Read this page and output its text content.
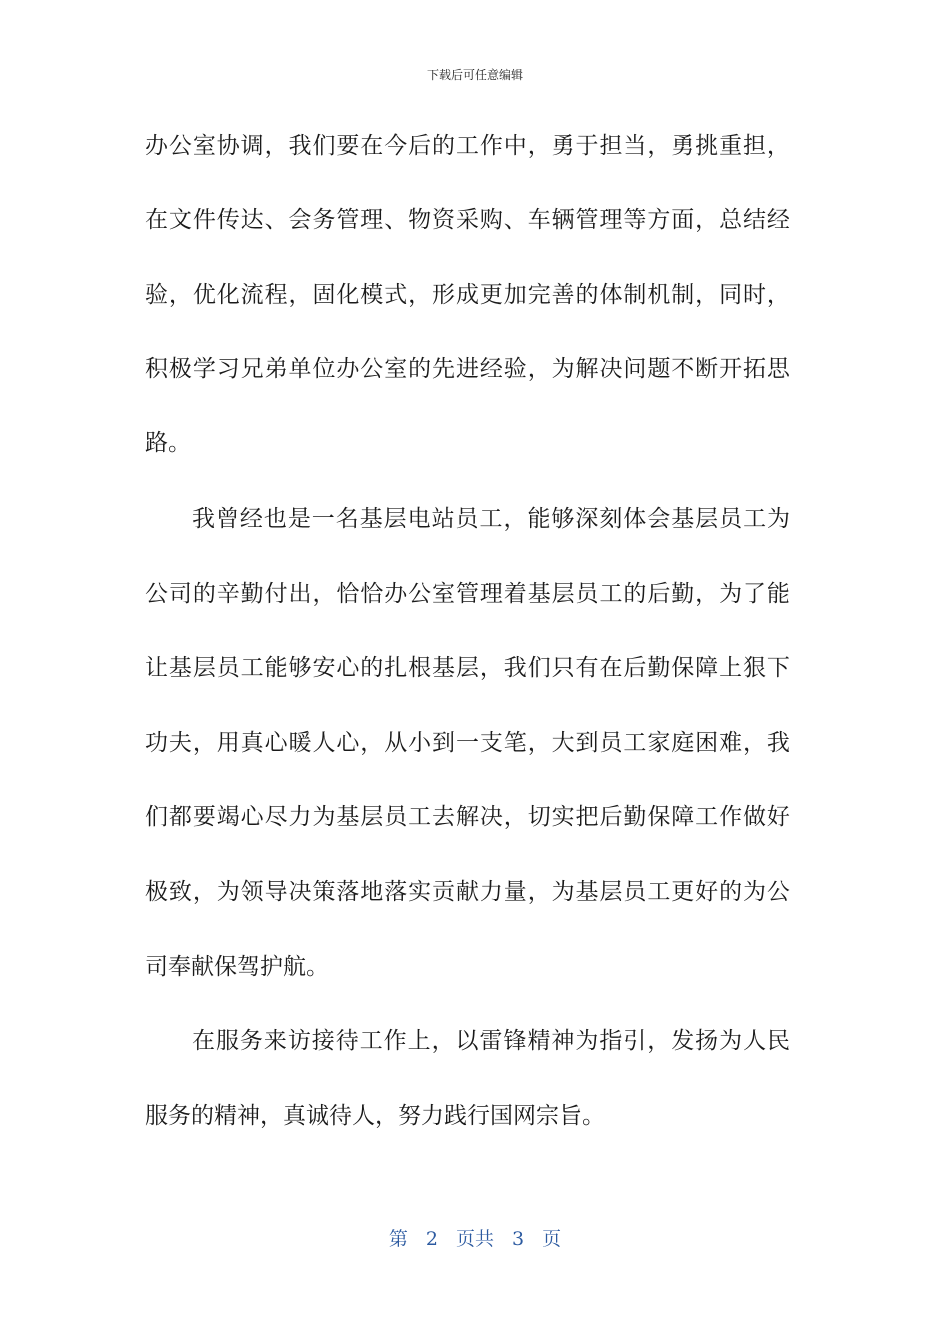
下载后可任意编辑
办公室协调，我们要在今后的工作中，勇于担当，勇挑重担，
在文件传达、会务管理、物资采购、车辆管理等方面，总结经
验，优化流程，固化模式，形成更加完善的体制机制，同时，
积极学习兄弟单位办公室的先进经验，为解决问题不断开拓思
路。
我曾经也是一名基层电站员工，能够深刻体会基层员工为
公司的辛勤付出，恰恰办公室管理着基层员工的后勤，为了能
让基层员工能够安心的扎根基层，我们只有在后勤保障上狠下
功夫，用真心暖人心，从小到一支笔，大到员工家庭困难，我
们都要竭心尽力为基层员工去解决，切实把后勤保障工作做好
极致，为领导决策落地落实贡献力量，为基层员工更好的为公
司奉献保驾护航。
在服务来访接待工作上，以雷锋精神为指引，发扬为人民
服务的精神，真诚待人，努力践行国网宗旨。
第 2 页共 3 页
